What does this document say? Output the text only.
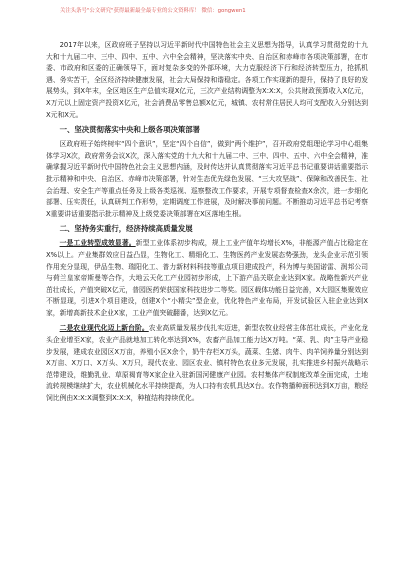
关注头条号"公文研究"获得最新最全最专业的公文资料库！ 微信：gongwen1

2017年以来，区政府班子坚持以习近平新时代中国特色社会主义思想为指导，认真学习贯彻党的十九大和十九届二中、三中、四中、五中、六中全会精神，坚决落实中央、自治区和赤峰市各项决策部署，在市委、市政府和区委的正确领导下，面对复杂多变的外部环境，大力克服经济下行和经济转型压力，抢抓机遇、务实苦干，全区经济持续健康发展，社会大局保持和谐稳定。各项工作实现新的提升，保持了良好的发展势头，到X年末，全区地区生产总值实现X亿元，三次产业结构调整为X:X:X，公共财政预算收入X亿元，X万元以上固定资产投资X亿元，社会消费品零售总额X亿元，城镇、农村常住居民人均可支配收入分别达到X元和X元。

一、坚决贯彻落实中央和上级各项决策部署

区政府班子始终树牢“四个意识”，坚定“四个自信”，做到“两个维护”，召开政府党组理论学习中心组集体学习X次，政府常务会议X次，深入落实党的十九大和十九届二中、三中、四中、五中、六中全会精神，准确掌握习近平新时代中国特色社会主义思想内涵，及时传达并认真贯彻落实习近平总书记重要讲话重要指示批示精神和中央、自治区、赤峰市决策部署，针对生态优先绿色发展、“三大攻坚战”、保障和改善民生、社会治理、安全生产等重点任务及上级各类巡视、巡察整改工作要求，开展专项督查检查X余次，进一步细化部署、压实责任，认真研判工作形势，定期调度工作进展，及时解决事前问题。不断推动习近平总书记考察X重要讲话重要指示批示精神及上级党委决策部署在X区落地生根。

二、坚持务实重行，经济持续高质量发展

一是工业转型成效显著。新型工业体系初步构成，规上工业产值年均增长X%，非能源产值占比稳定在X%以上。产业集群效应日益凸显，生物化工、精细化工、生物医药产业发展态势强劲，龙头企业示范引领作用充分显现，伊品生物、瑞阳化工、普力新材料科技等重点项目建成投产，科为博与美国诺雷、润邦公司与荷兰皇家帝斯曼等合作，大地云天化工产业园初步形成，上下游产品关联企业达到X家。战略性新兴产业茁壮成长，产值突破X亿元，普园医药荣获国家科技进步二等奖。园区载体功能日益完善，X大园区集聚效应不断显现，引进X个项目建设，创建X个“小精尖”型企业，优化特色产业布局，开发试验区入驻企业达到X家，新增高新技术企业X家，工业产值突破翻番，达到X亿元。

二是农业现代化迈上新台阶。农业高质量发展步伐扎实迈进，新型农牧业经营主体茁壮成长，产业化龙头企业增至X家，农业产品就地加工转化率达到X%，农畜产品加工能力达X万吨。“菜、乳、肉”主导产业稳步发展，建成农业园区X万亩，养殖小区X余个，奶牛存栏X万头，蔬菜、生猪、肉牛、肉羊饲养量分别达到X万亩、X万口、X万头、X万只，现代农业、园区农业、镇村特色农业多元发展，扎实推进乡村振兴战略示范带建设，维勤乳业、草原褐育等X家企业入驻新国河健康产业园。农村集体产权制度改革全面完成，土地流转规模继续扩大，农业机械化水平持续提高，为人口持有农机具达X台。农作物播种面积达到X万亩，粮经饲比例由X:X:X调整到X:X:X，种植结构持续优化。
